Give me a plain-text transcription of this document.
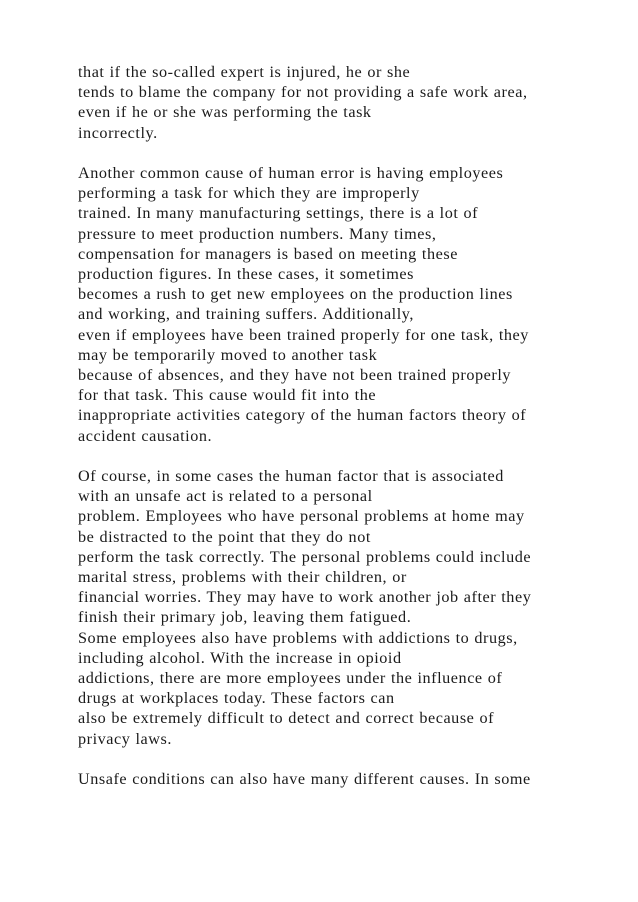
that if the so-called expert is injured, he or she
tends to blame the company for not providing a safe work area,
even if he or she was performing the task
incorrectly.

Another common cause of human error is having employees
performing a task for which they are improperly
trained. In many manufacturing settings, there is a lot of
pressure to meet production numbers. Many times,
compensation for managers is based on meeting these
production figures. In these cases, it sometimes
becomes a rush to get new employees on the production lines
and working, and training suffers. Additionally,
even if employees have been trained properly for one task, they
may be temporarily moved to another task
because of absences, and they have not been trained properly
for that task. This cause would fit into the
inappropriate activities category of the human factors theory of
accident causation.

Of course, in some cases the human factor that is associated
with an unsafe act is related to a personal
problem. Employees who have personal problems at home may
be distracted to the point that they do not
perform the task correctly. The personal problems could include
marital stress, problems with their children, or
financial worries. They may have to work another job after they
finish their primary job, leaving them fatigued.
Some employees also have problems with addictions to drugs,
including alcohol. With the increase in opioid
addictions, there are more employees under the influence of
drugs at workplaces today. These factors can
also be extremely difficult to detect and correct because of
privacy laws.

Unsafe conditions can also have many different causes. In some
